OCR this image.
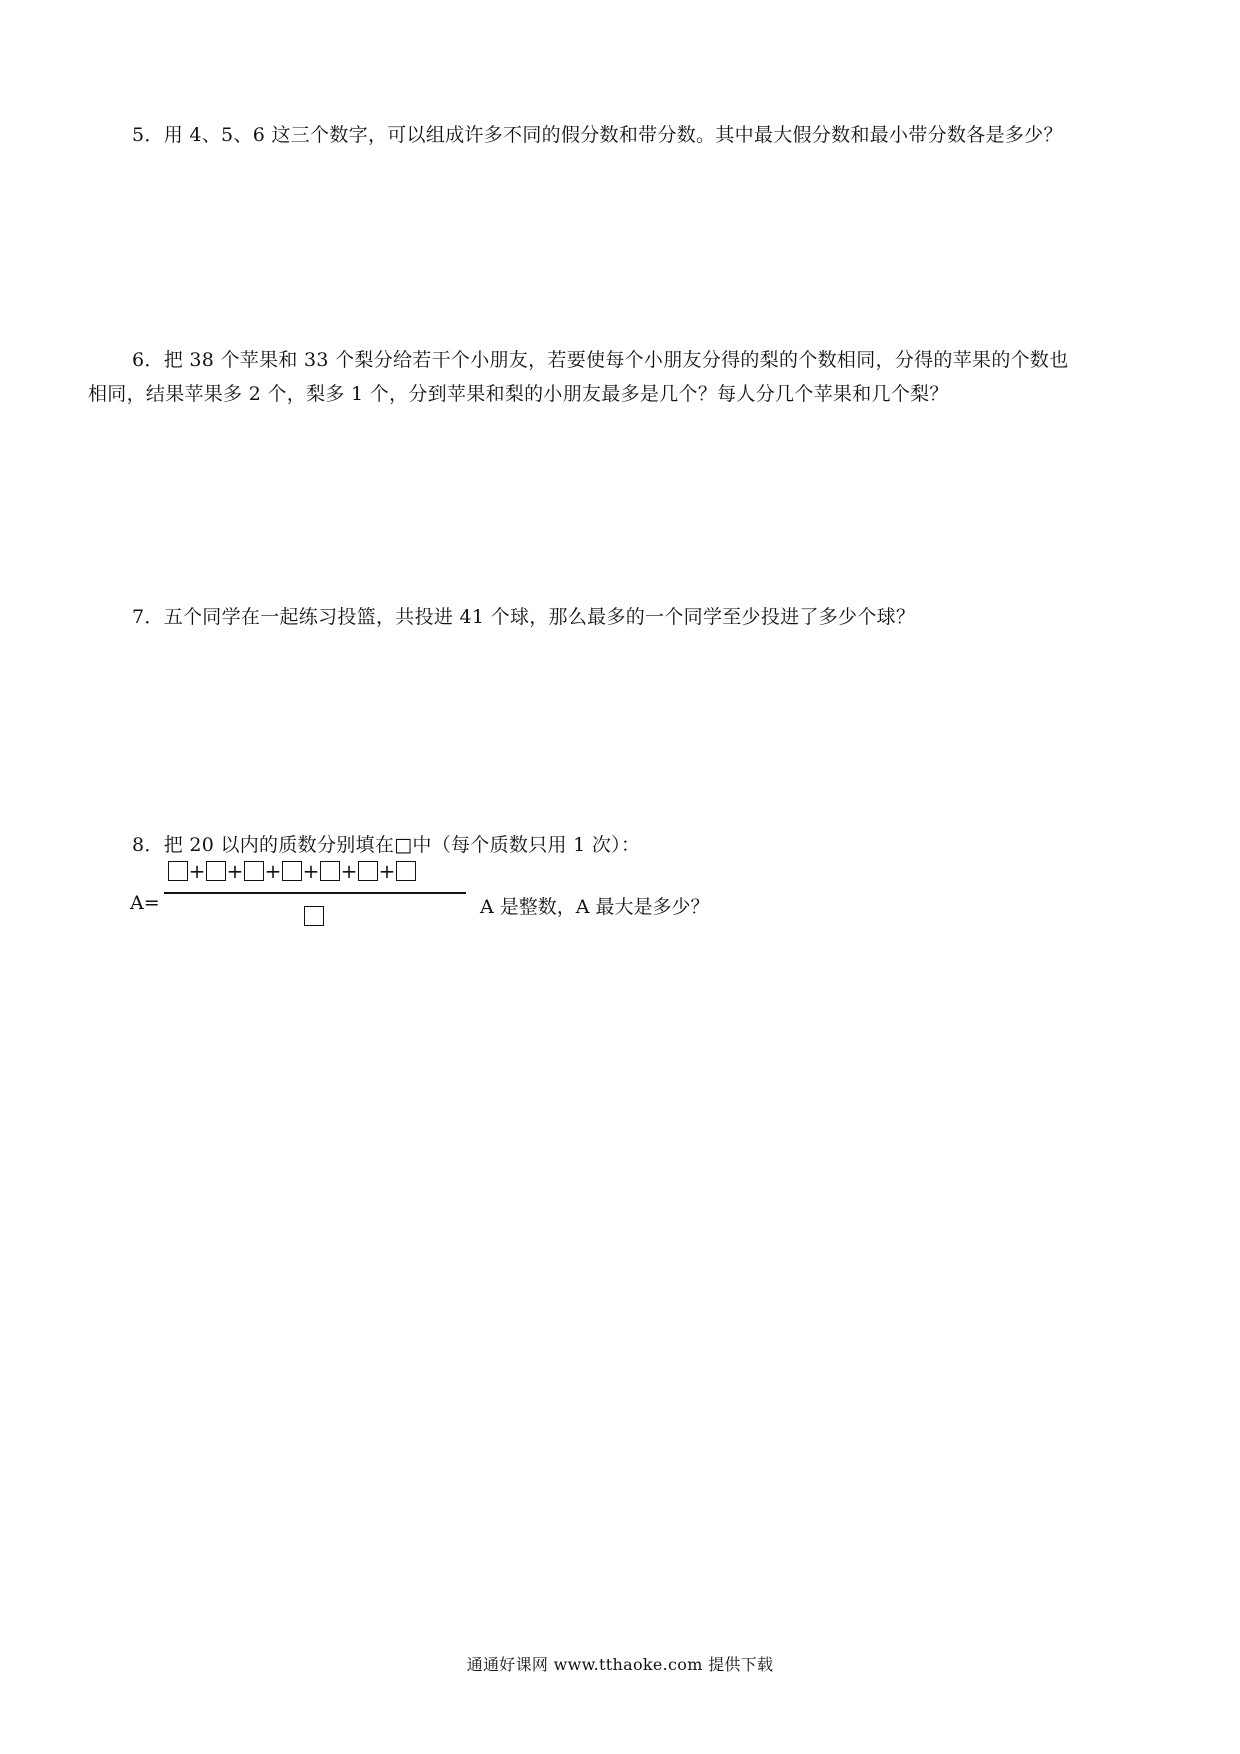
5．用 4、5、6 这三个数字，可以组成许多不同的假分数和带分数。其中最大假分数和最小带分数各是多少？
6．把 38 个苹果和 33 个梨分给若干个小朋友，若要使每个小朋友分得的梨的个数相同，分得的苹果的个数也
相同，结果苹果多 2 个，梨多 1 个，分到苹果和梨的小朋友最多是几个？每人分几个苹果和几个梨？
7．五个同学在一起练习投篮，共投进 41 个球，那么最多的一个同学至少投进了多少个球？
8．把 20 以内的质数分别填在□中（每个质数只用 1 次）：
A=
+ + + + + +
A 是整数，A 最大是多少？
通通好课网 www.tthaoke.com 提供下载
